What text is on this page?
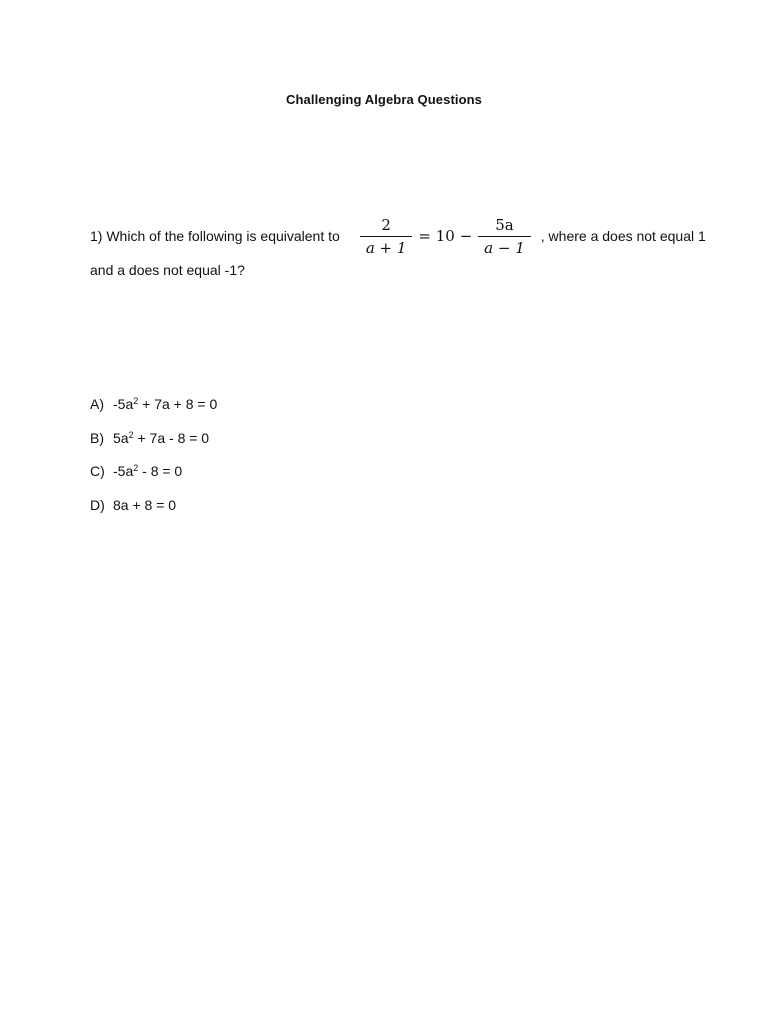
Challenging Algebra Questions
1) Which of the following is equivalent to $\frac{2}{a + 1} = 10 - \frac{5a}{a - 1}$ , where a does not equal 1
and a does not equal -1?
A) $-5a^2 + 7a + 8 = 0$
B) $5a^2 + 7a - 8 = 0$
C) $-5a^2 - 8 = 0$
D) 8a + 8 = 0
